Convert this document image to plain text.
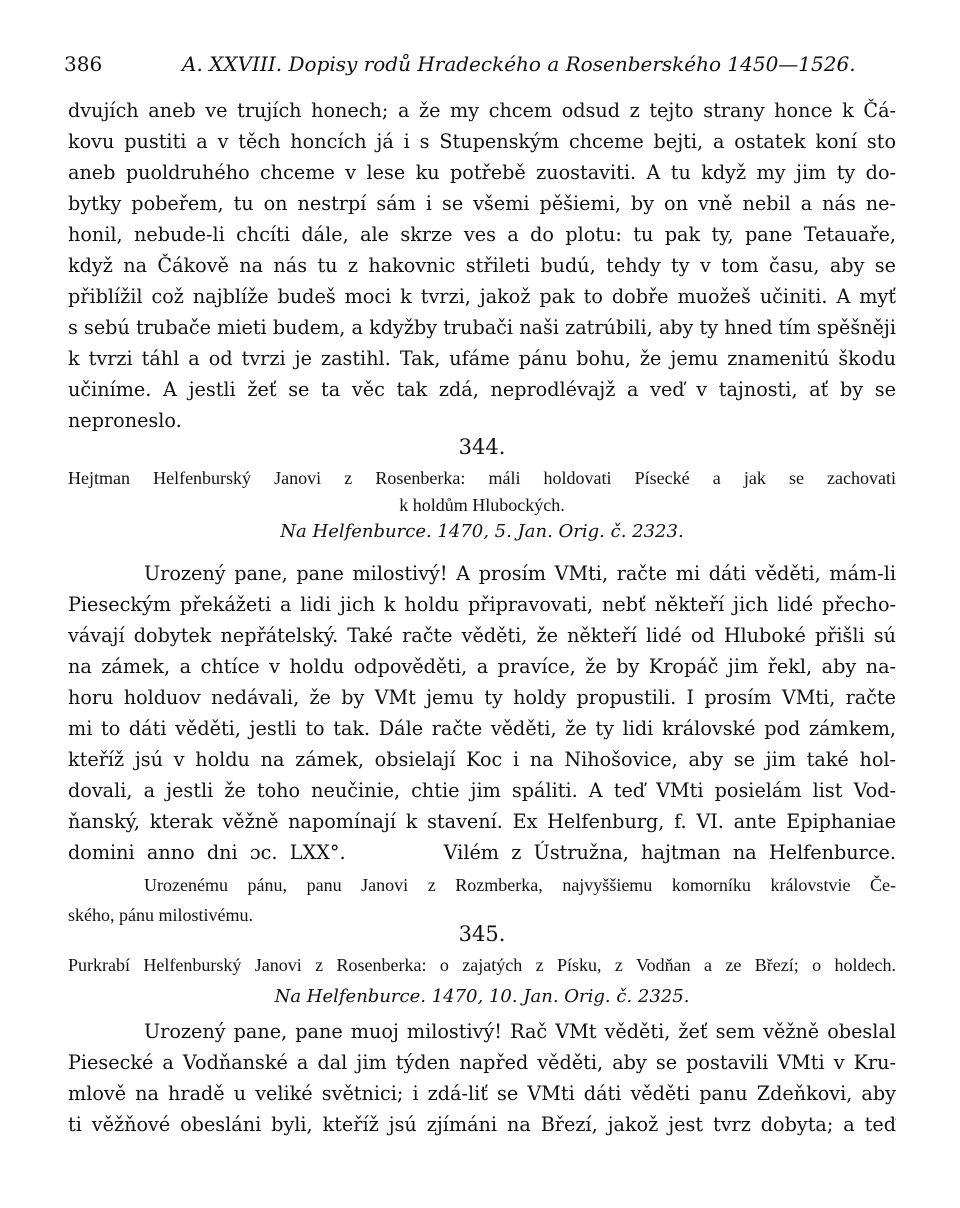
386	A. XXVIII. Dopisy rodů Hradeckého a Rosenberského 1450—1526.
dvujích aneb ve trujích honech; a že my chcem odsud z tejto strany honce k Čá-
kovu pustiti a v těch honcích já i s Stupenským chceme bejti, a ostatek koní sto
aneb puoldruhého chceme v lese ku potřebě zuostaviti. A tu když my jim ty do-
bytky pobeřem, tu on nestrpí sám i se všemi pěšiemi, by on vně nebil a nás ne-
honil, nebude-li chcíti dále, ale skrze ves a do plotu: tu pak ty, pane Tetauaře,
když na Čákově na nás tu z hakovnic střileti budú, tehdy ty v tom času, aby se
přiblížil což najblíže budeš moci k tvrzi, jakož pak to dobře muožeš učiniti. A myť
s sebú trubače mieti budem, a kdyžby trubači naši zatrúbili, aby ty hned tím spěšněji
k tvrzi táhl a od tvrzi je zastihl. Tak, ufáme pánu bohu, že jemu znamenitú škodu
učiníme. A jestli žeť se ta věc tak zdá, neprodlévajž a veď v tajnosti, ať by se
neproneslo.
344.
Hejtman Helfenburský Janovi z Rosenberka: máli holdovati Písecké a jak se zachovati
k holdům Hlubockých.
Na Helfenburce. 1470, 5. Jan. Orig. č. 2323.
Urozený pane, pane milostivý! A prosím VMti, račte mi dáti věděti, mám-li
Pieseckým překážeti a lidi jich k holdu připravovati, nebť někteří jich lidé přecho-
vávají dobytek nepřátelský. Také račte věděti, že někteří lidé od Hluboké přišli sú
na zámek, a chtíce v holdu odpověděti, a pravíce, že by Kropáč jim řekl, aby na-
horu holduov nedávali, že by VMt jemu ty holdy propustili. I prosím VMti, račte
mi to dáti věděti, jestli to tak. Dále račte věděti, že ty lidi královské pod zámkem,
kteříž jsú v holdu na zámek, obsielají Koc i na Nihošovice, aby se jim také hol-
dovali, a jestli že toho neučinie, chtie jim spáliti. A teď VMti posielám list Vod-
ňanský, kterak věžně napomínají k stavení. Ex Helfenburg, f. VI. ante Epiphaniae
domini anno dni ɔc. LXX°.        Vilém z Ústružna, hajtman na Helfenburce.
Urozenému pánu, panu Janovi z Rozmberka, najvyššiemu komorníku královstvie Če-
ského, pánu milostivému.
345.
Purkrabí Helfenburský Janovi z Rosenberka: o zajatých z Písku, z Vodňan a ze Březí; o holdech.
Na Helfenburce. 1470, 10. Jan. Orig. č. 2325.
Urozený pane, pane muoj milostivý! Rač VMt věděti, žeť sem věžně obeslal
Piesecké a Vodňanské a dal jim týden napřed věděti, aby se postavili VMti v Kru-
mlově na hradě u veliké světnici; i zdá-liť se VMti dáti věděti panu Zdeňkovi, aby
ti věžňové obesláni byli, kteříž jsú zjímáni na Březí, jakož jest tvrz dobyta; a teď
